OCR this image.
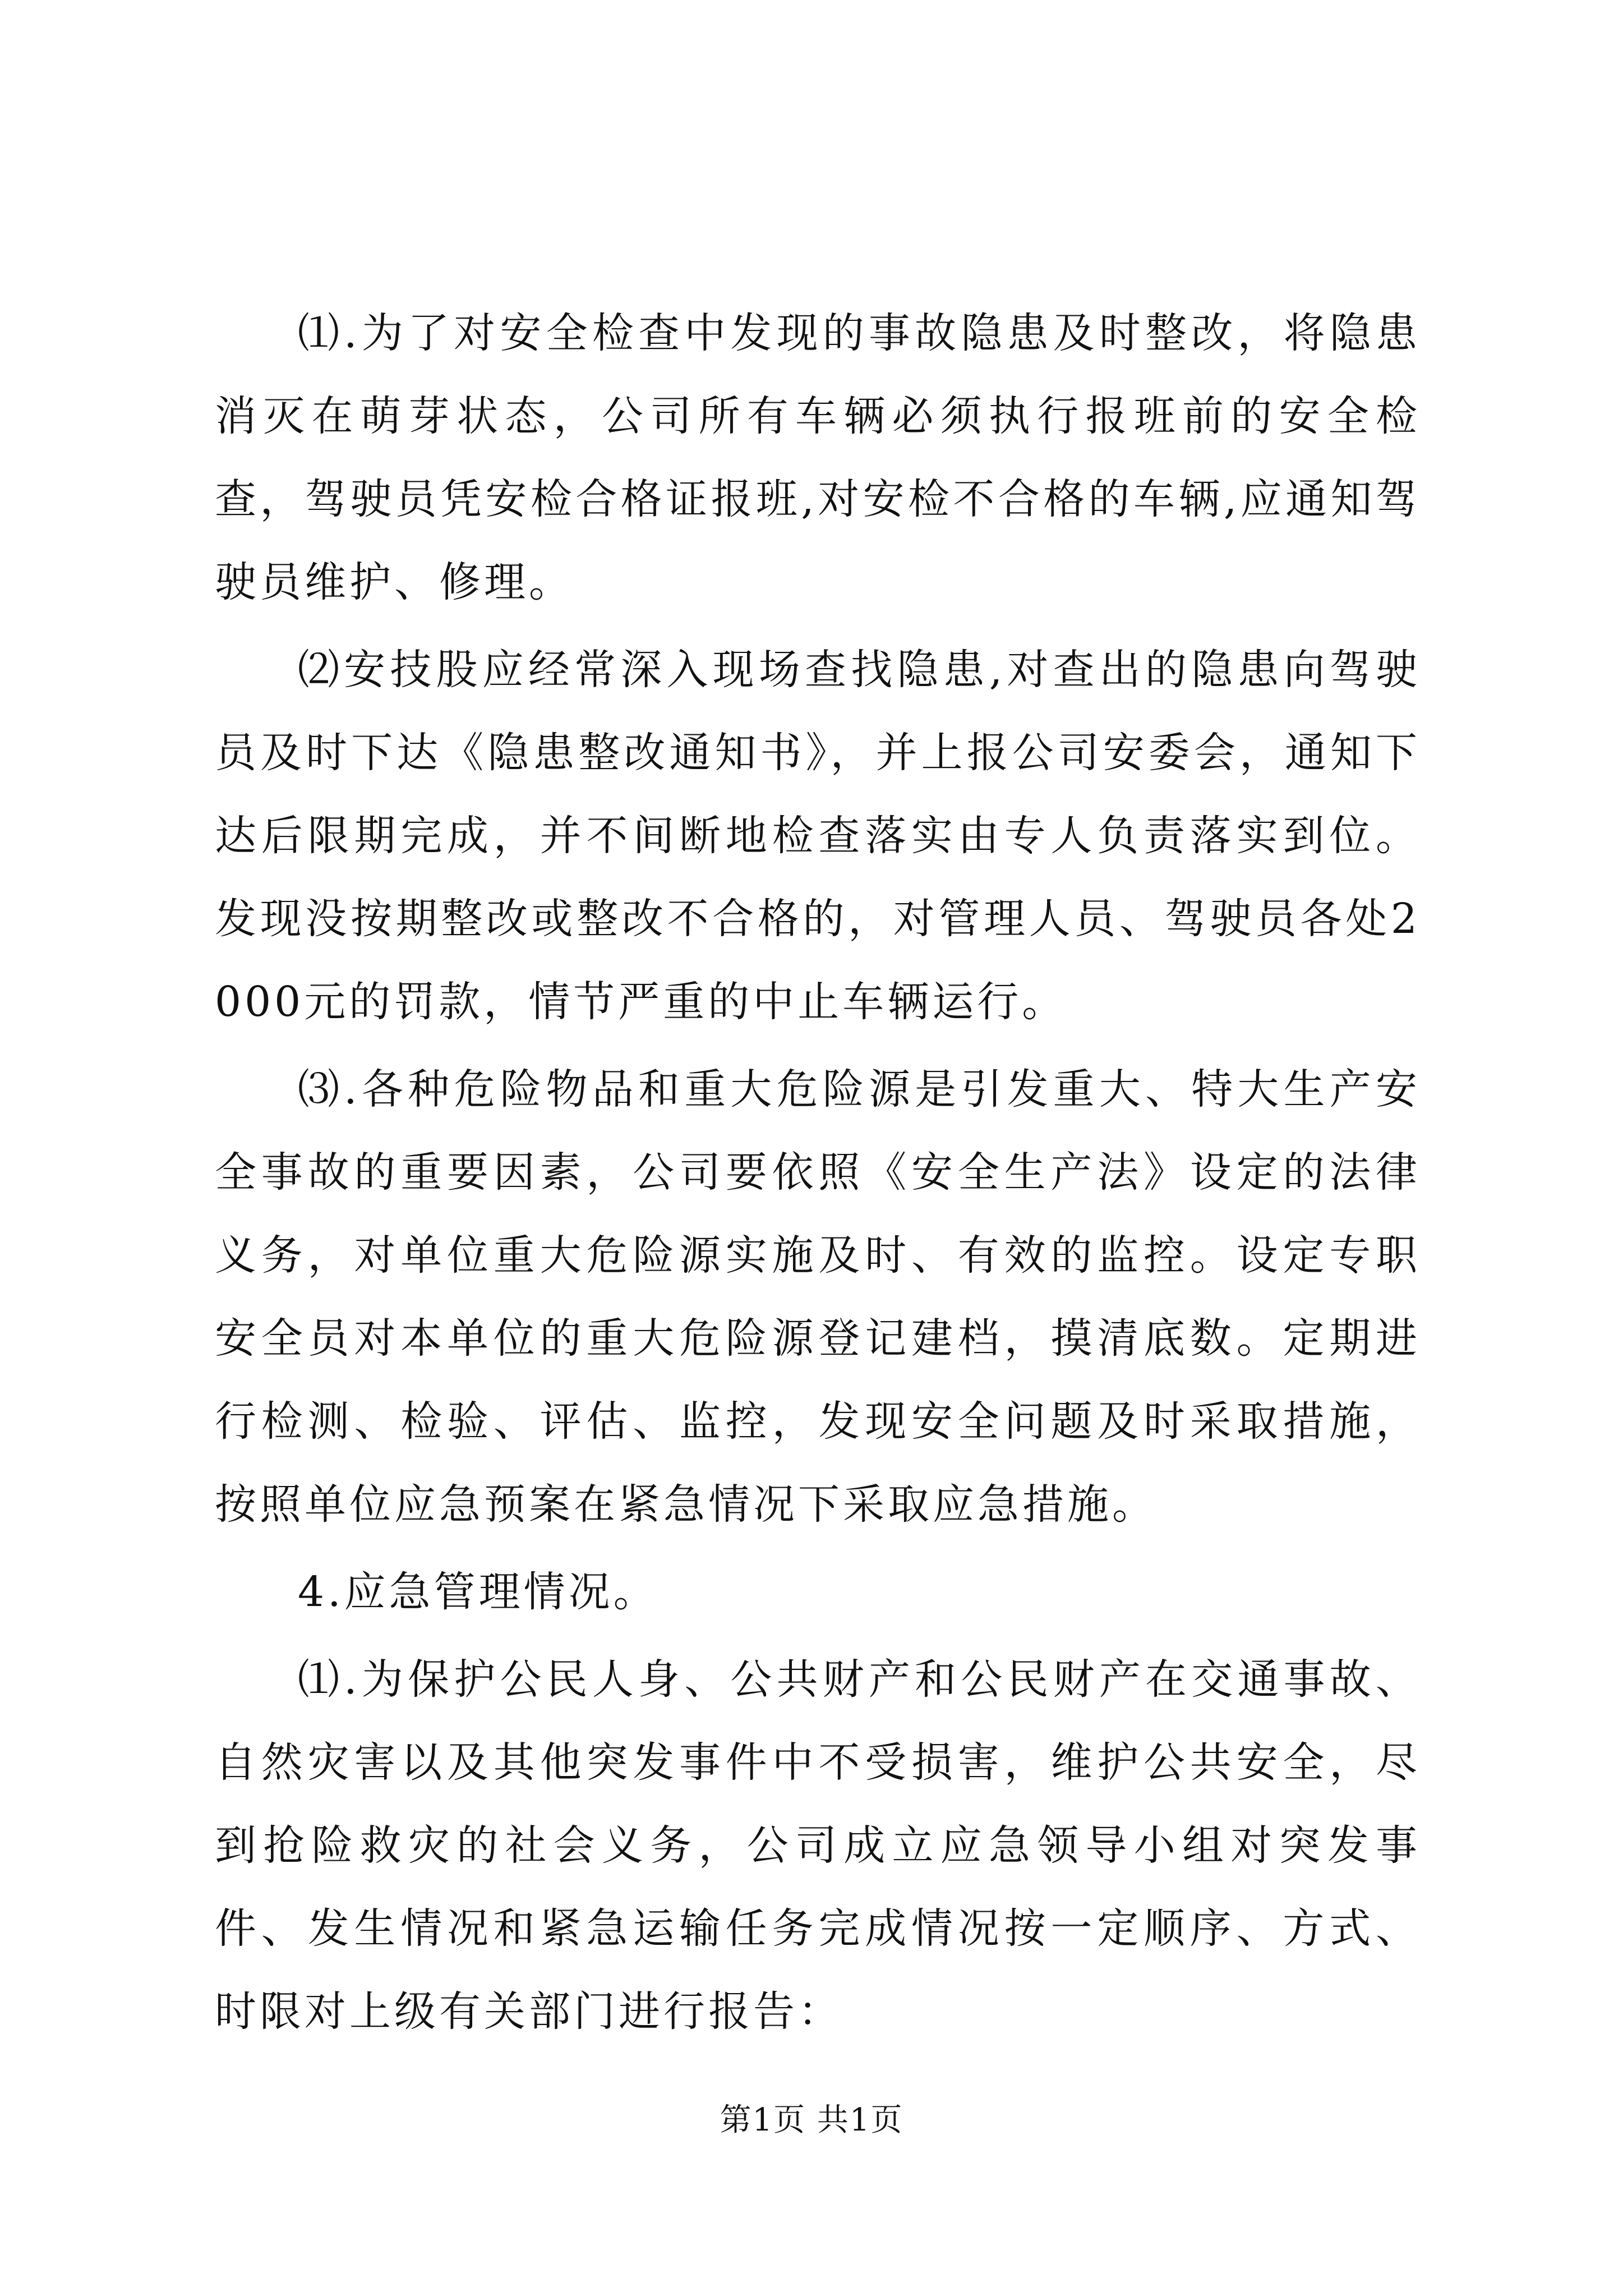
⑴.为了对安全检查中发现的事故隐患及时整改，将隐患消灭在萌芽状态，公司所有车辆必须执行报班前的安全检查，驾驶员凭安检合格证报班,对安检不合格的车辆,应通知驾驶员维护、修理。

⑵安技股应经常深入现场查找隐患,对查出的隐患向驾驶员及时下达《隐患整改通知书》，并上报公司安委会，通知下达后限期完成，并不间断地检查落实由专人负责落实到位。发现没按期整改或整改不合格的，对管理人员、驾驶员各处2000元的罚款，情节严重的中止车辆运行。

⑶.各种危险物品和重大危险源是引发重大、特大生产安全事故的重要因素，公司要依照《安全生产法》设定的法律义务，对单位重大危险源实施及时、有效的监控。设定专职安全员对本单位的重大危险源登记建档，摸清底数。定期进行检测、检验、评估、监控，发现安全问题及时采取措施，按照单位应急预案在紧急情况下采取应急措施。

4.应急管理情况。

⑴.为保护公民人身、公共财产和公民财产在交通事故、自然灾害以及其他突发事件中不受损害，维护公共安全，尽到抢险救灾的社会义务，公司成立应急领导小组对突发事件、发生情况和紧急运输任务完成情况按一定顺序、方式、时限对上级有关部门进行报告：

第1页 共1页
